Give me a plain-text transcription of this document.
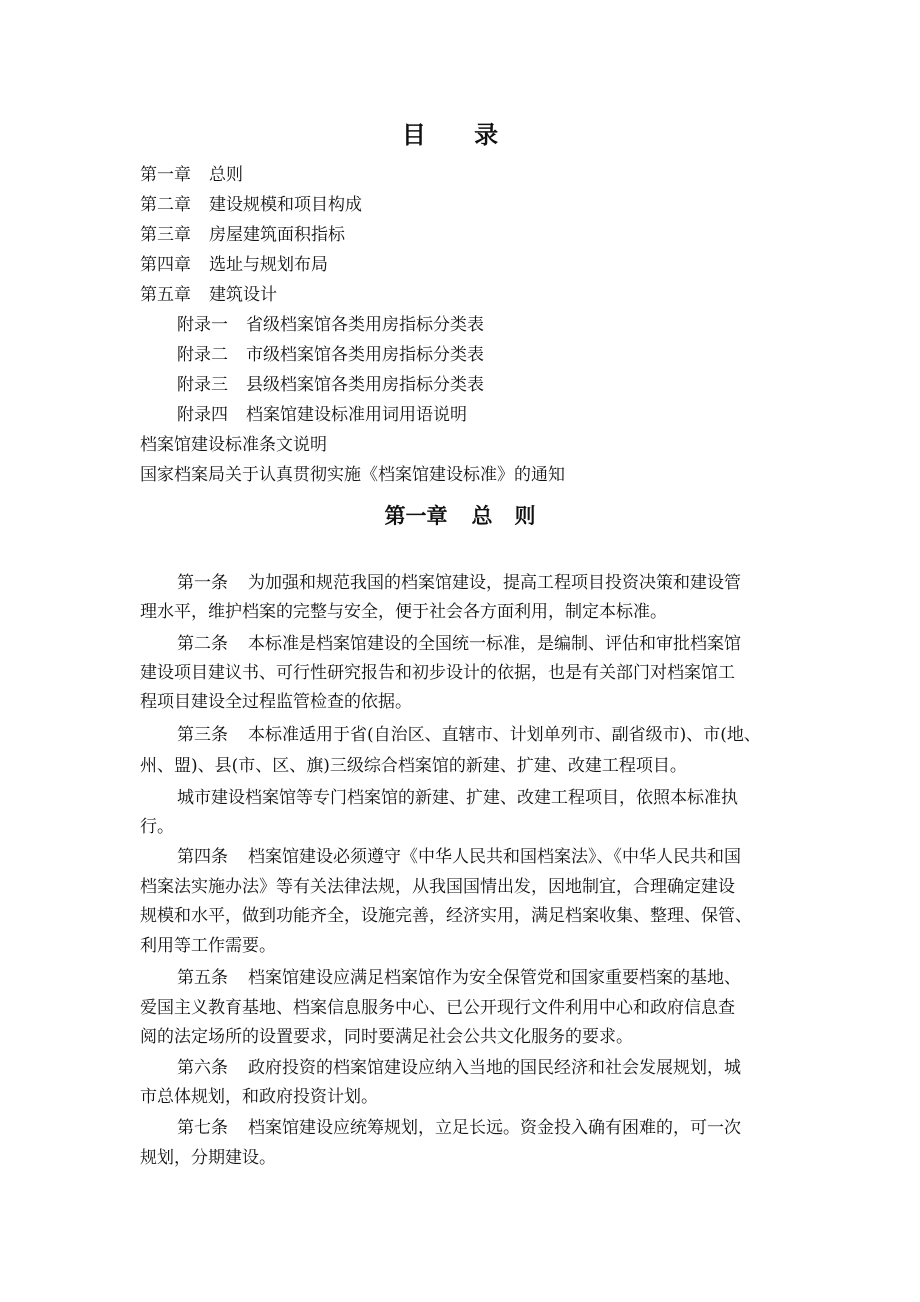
目 录
第一章 总则
第二章 建设规模和项目构成
第三章 房屋建筑面积指标
第四章 选址与规划布局
第五章 建筑设计
附录一 省级档案馆各类用房指标分类表
附录二 市级档案馆各类用房指标分类表
附录三 县级档案馆各类用房指标分类表
附录四 档案馆建设标准用词用语说明
档案馆建设标准条文说明
国家档案局关于认真贯彻实施《档案馆建设标准》的通知
第一章 总 则
第一条 为加强和规范我国的档案馆建设，提高工程项目投资决策和建设管
理水平，维护档案的完整与安全，便于社会各方面利用，制定本标准。
第二条 本标准是档案馆建设的全国统一标准，是编制、评估和审批档案馆
建设项目建议书、可行性研究报告和初步设计的依据，也是有关部门对档案馆工
程项目建设全过程监管检查的依据。
第三条 本标准适用于省(自治区、直辖市、计划单列市、副省级市)、市(地、
州、盟)、县(市、区、旗)三级综合档案馆的新建、扩建、改建工程项目。
城市建设档案馆等专门档案馆的新建、扩建、改建工程项目，依照本标准执
行。
第四条 档案馆建设必须遵守《中华人民共和国档案法》、《中华人民共和国
档案法实施办法》等有关法律法规，从我国国情出发，因地制宜，合理确定建设
规模和水平，做到功能齐全，设施完善，经济实用，满足档案收集、整理、保管、
利用等工作需要。
第五条 档案馆建设应满足档案馆作为安全保管党和国家重要档案的基地、
爱国主义教育基地、档案信息服务中心、已公开现行文件利用中心和政府信息查
阅的法定场所的设置要求，同时要满足社会公共文化服务的要求。
第六条 政府投资的档案馆建设应纳入当地的国民经济和社会发展规划，城
市总体规划，和政府投资计划。
第七条 档案馆建设应统筹规划，立足长远。资金投入确有困难的，可一次
规划，分期建设。
